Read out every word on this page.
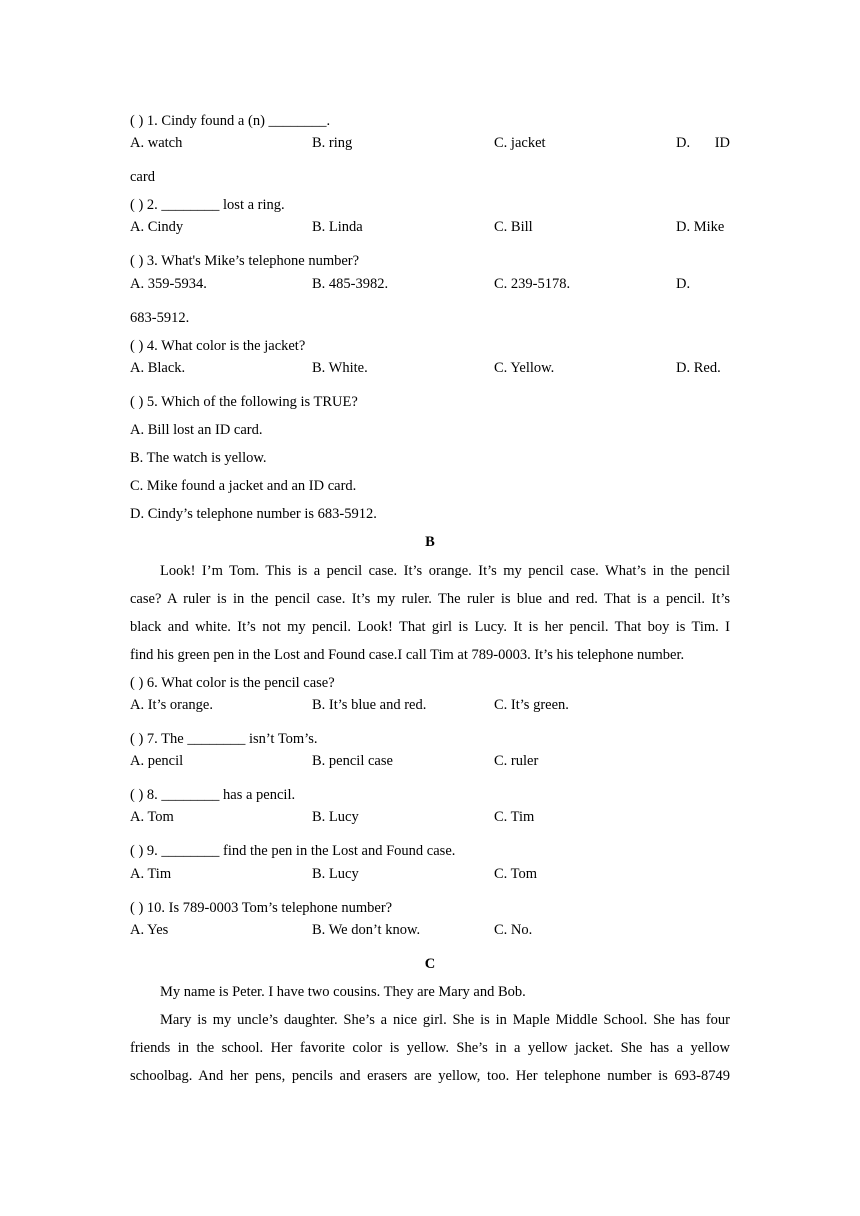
( ) 1. Cindy found a (n) ________.
A. watch	B. ring	C. jacket	D. ID
card
( ) 2. ________ lost a ring.
A. Cindy	B. Linda	C. Bill	D. Mike
( ) 3. What's Mike’s telephone number?
A. 359-5934.	B. 485-3982.	C. 239-5178.	D.
683-5912.
( ) 4. What color is the jacket?
A. Black.	B. White.	C. Yellow.	D. Red.
( ) 5. Which of the following is TRUE?
A. Bill lost an ID card.
B. The watch is yellow.
C. Mike found a jacket and an ID card.
D. Cindy’s telephone number is 683-5912.
B
Look! I’m Tom. This is a pencil case. It’s orange. It’s my pencil case. What’s in the pencil
case? A ruler is in the pencil case. It’s my ruler. The ruler is blue and red. That is a pencil. It’s
black and white. It’s not my pencil. Look! That girl is Lucy. It is her pencil. That boy is Tim. I
find his green pen in the Lost and Found case.I call Tim at 789-0003. It’s his telephone number.
( ) 6. What color is the pencil case?
A. It’s orange.	B. It’s blue and red.	C. It’s green.
( ) 7. The ________ isn’t Tom’s.
A. pencil	B. pencil case	C. ruler
( ) 8. ________ has a pencil.
A. Tom	B. Lucy	C. Tim
( ) 9. ________ find the pen in the Lost and Found case.
A. Tim	B. Lucy	C. Tom
( ) 10. Is 789-0003 Tom’s telephone number?
A. Yes	B. We don’t know.	C. No.
C
My name is Peter. I have two cousins. They are Mary and Bob.
Mary is my uncle’s daughter. She’s a nice girl. She is in Maple Middle School. She has four
friends in the school. Her favorite color is yellow. She’s in a yellow jacket. She has a yellow
schoolbag. And her pens, pencils and erasers are yellow, too. Her telephone number is 693-8749
